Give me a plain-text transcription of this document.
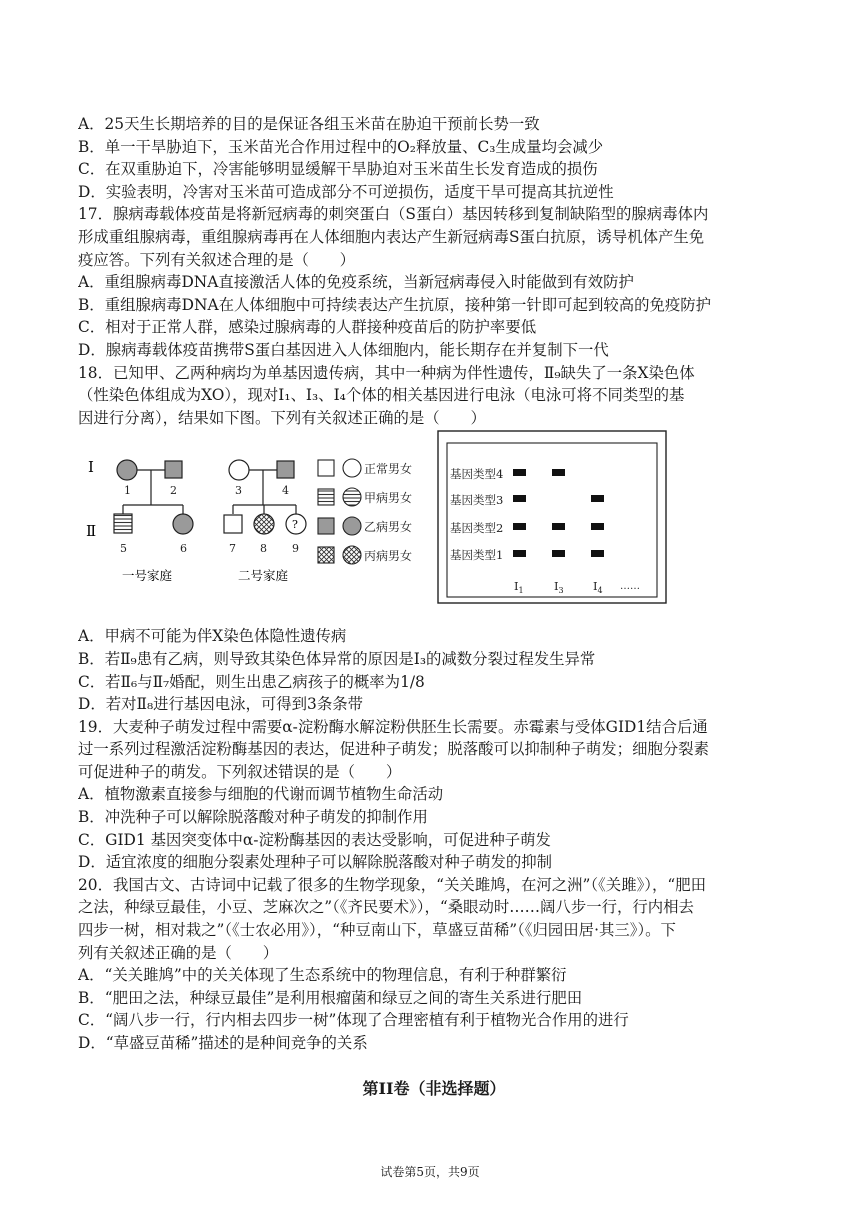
A．25天生长期培养的目的是保证各组玉米苗在胁迫干预前长势一致
B．单一干旱胁迫下，玉米苗光合作用过程中的O₂释放量、C₃生成量均会减少
C．在双重胁迫下，冷害能够明显缓解干旱胁迫对玉米苗生长发育造成的损伤
D．实验表明，冷害对玉米苗可造成部分不可逆损伤，适度干旱可提高其抗逆性
17．腺病毒载体疫苗是将新冠病毒的刺突蛋白（S蛋白）基因转移到复制缺陷型的腺病毒体内
形成重组腺病毒，重组腺病毒再在人体细胞内表达产生新冠病毒S蛋白抗原，诱导机体产生免
疫应答。下列有关叙述合理的是（　　）
A．重组腺病毒DNA直接激活人体的免疫系统，当新冠病毒侵入时能做到有效防护
B．重组腺病毒DNA在人体细胞中可持续表达产生抗原，接种第一针即可起到较高的免疫防护
C．相对于正常人群，感染过腺病毒的人群接种疫苗后的防护率要低
D．腺病毒载体疫苗携带S蛋白基因进入人体细胞内，能长期存在并复制下一代
18．已知甲、乙两种病均为单基因遗传病，其中一种病为伴性遗传，Ⅱ₉缺失了一条X染色体
（性染色体组成为XO），现对Ⅰ₁、Ⅰ₃、Ⅰ₄个体的相关基因进行电泳（电泳可将不同类型的基
因进行分离），结果如下图。下列有关叙述正确的是（　　）
A．甲病不可能为伴X染色体隐性遗传病
B．若Ⅱ₉患有乙病，则导致其染色体异常的原因是Ⅰ₃的减数分裂过程发生异常
C．若Ⅱ₆与Ⅱ₇婚配，则生出患乙病孩子的概率为1/8
D．若对Ⅱ₈进行基因电泳，可得到3条条带
19．大麦种子萌发过程中需要α-淀粉酶水解淀粉供胚生长需要。赤霉素与受体GID1结合后通
过一系列过程激活淀粉酶基因的表达，促进种子萌发；脱落酸可以抑制种子萌发；细胞分裂素
可促进种子的萌发。下列叙述错误的是（　　）
A．植物激素直接参与细胞的代谢而调节植物生命活动
B．冲洗种子可以解除脱落酸对种子萌发的抑制作用
C．GID1 基因突变体中α-淀粉酶基因的表达受影响，可促进种子萌发
D．适宜浓度的细胞分裂素处理种子可以解除脱落酸对种子萌发的抑制
20．我国古文、古诗词中记载了很多的生物学现象，“关关雎鸠，在河之洲”（《关雎》），“肥田
之法，种绿豆最佳，小豆、芝麻次之”（《齐民要术》），“桑眼动时……阔八步一行，行内相去
四步一树，相对栽之”（《士农必用》），“种豆南山下，草盛豆苗稀”（《归园田居·其三》）。下
列有关叙述正确的是（　　）
A．“关关雎鸠”中的关关体现了生态系统中的物理信息，有利于种群繁衍
B．“肥田之法，种绿豆最佳”是利用根瘤菌和绿豆之间的寄生关系进行肥田
C．“阔八步一行，行内相去四步一树”体现了合理密植有利于植物光合作用的进行
D．“草盛豆苗稀”描述的是种间竞争的关系
第II卷（非选择题）
Ⅰ
Ⅱ
1	2
5	6
一号家庭
?
3	4
7 8 9
二号家庭
正常男女
甲病男女
乙病男女
丙病男女
基因类型4
基因类型3
基因类型2
基因类型1
$I_1$	$I_3$	$I_4$ ……
试卷第5页，共9页
